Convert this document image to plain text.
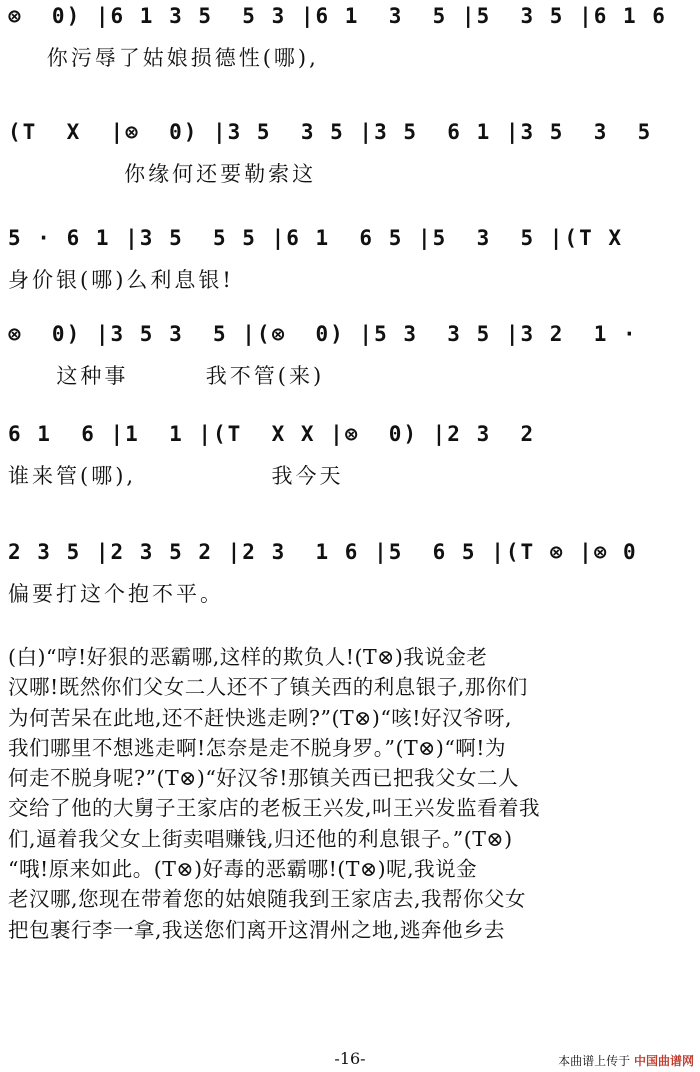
⊗  0) |6 1 3 5  5 3 |6 1  3  5 |5  3 5 |6 1 6
你污辱了姑娘损德性(哪),
(T  X  |⊗  0) |3 5  3 5 |3 5  6 1 |3 5  3  5
你缘何还要勒索这
5 · 6 1 |3 5  5 5 |6 1  6 5 |5  3  5 |(T X
身价银(哪)么利息银!
⊗  0) |3 5 3  5 |(⊗  0) |5 3  3 5 |3 2  1 ·
这种事        我不管(来)
6 1  6 |1  1 |(T  X X |⊗  0) |2 3  2
谁来管(哪),              我今天
2 3 5 |2 3 5 2 |2 3  1 6 |5  6 5 |(T ⊗ |⊗ 0
偏要打这个抱不平。

(白)“哼!好狠的恶霸哪,这样的欺负人!(T⊗)我说金老

汉哪!既然你们父女二人还不了镇关西的利息银子,那你们

为何苦呆在此地,还不赶快逃走咧?”(T⊗)“咳!好汉爷呀,

我们哪里不想逃走啊!怎奈是走不脱身罗。”(T⊗)“啊!为

何走不脱身呢?”(T⊗)“好汉爷!那镇关西已把我父女二人

交给了他的大舅子王家店的老板王兴发,叫王兴发监看着我

们,逼着我父女上街卖唱赚钱,归还他的利息银子。”(T⊗)

“哦!原来如此。(T⊗)好毒的恶霸哪!(T⊗)呢,我说金

老汉哪,您现在带着您的姑娘随我到王家店去,我帮你父女

把包裹行李一拿,我送您们离开这渭州之地,逃奔他乡去

-16-	本曲谱上传于 中国曲谱网
